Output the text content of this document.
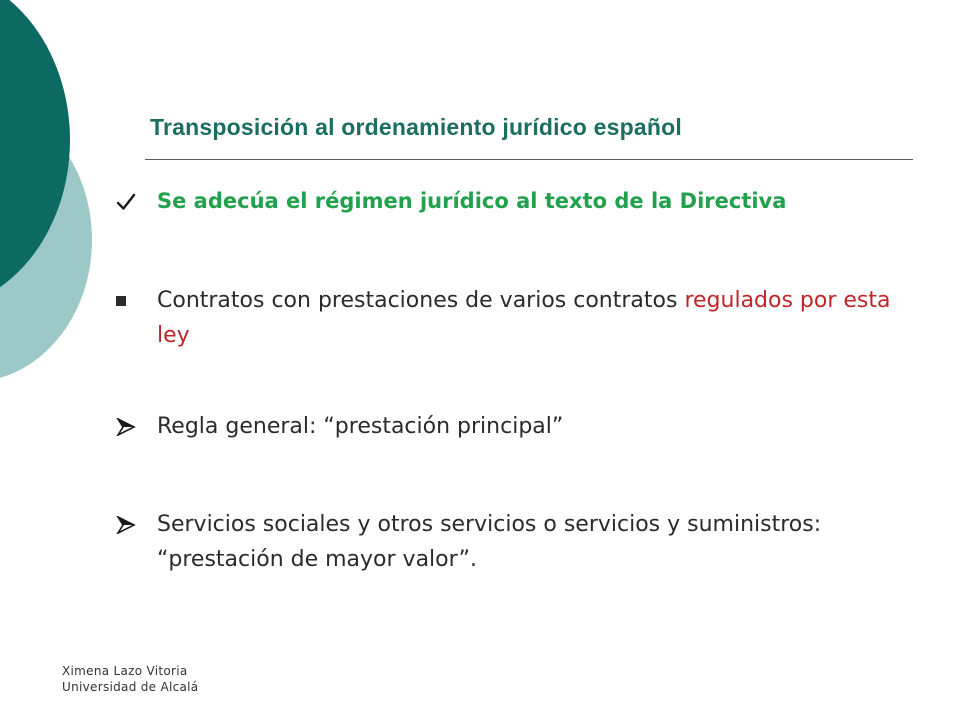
Transposición al ordenamiento jurídico español
Se adecúa el régimen jurídico al texto de la Directiva
Contratos con prestaciones de varios contratos regulados por esta ley
Regla general: “prestación principal”
Servicios sociales y otros servicios o servicios y suministros: “prestación de mayor valor”.
Ximena Lazo Vitoria
Universidad de Alcalá
